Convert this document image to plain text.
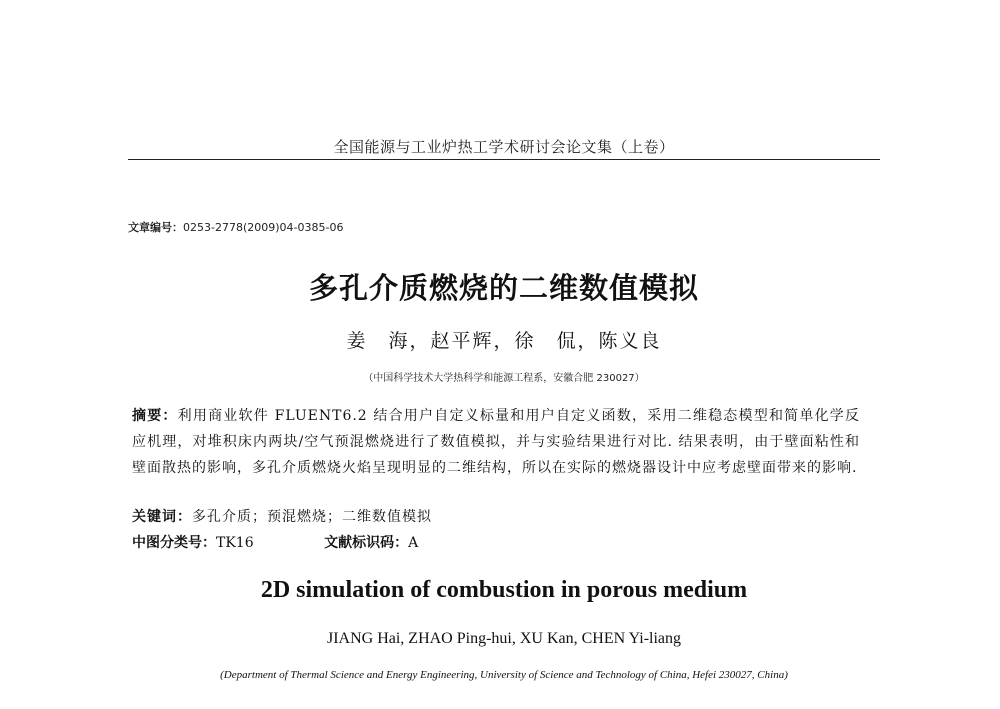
全国能源与工业炉热工学术研讨会论文集（上卷）
文章编号：0253-2778(2009)04-0385-06
多孔介质燃烧的二维数值模拟
姜　海，赵平辉，徐　侃，陈义良
（中国科学技术大学热科学和能源工程系，安徽合肥 230027）
摘要：利用商业软件 FLUENT6.2 结合用户自定义标量和用户自定义函数，采用二维稳态模型和简单化学反应机理，对堆积床内两块/空气预混燃烧进行了数值模拟，并与实验结果进行对比. 结果表明，由于壁面粘性和壁面散热的影响，多孔介质燃烧火焰呈现明显的二维结构，所以在实际的燃烧器设计中应考虑壁面带来的影响.
关键词：多孔介质；预混燃烧；二维数值模拟
中图分类号：TK16	文献标识码：A
2D simulation of combustion in porous medium
JIANG Hai, ZHAO Ping-hui, XU Kan, CHEN Yi-liang
(Department of Thermal Science and Energy Engineering, University of Science and Technology of China, Hefei 230027, China)
